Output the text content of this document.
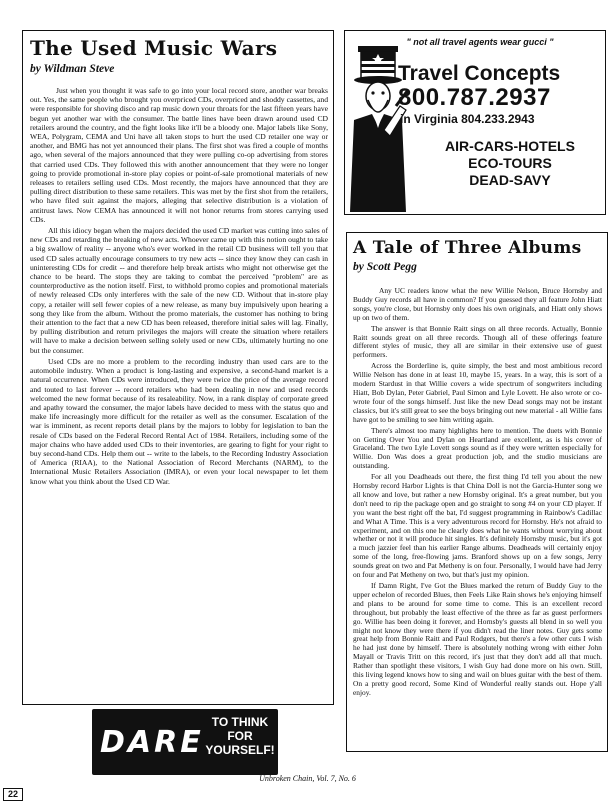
The Used Music Wars
by Wildman Steve

Just when you thought it was safe to go into your local record store, another war breaks out. Yes, the same people who brought you overpriced CDs, overpriced and shoddy cassettes, and were responsible for shoving disco and rap music down your throats for the last fifteen years have begun yet another war with the consumer. The battle lines have been drawn around used CD retailers around the country, and the fight looks like it'll be a bloody one. Major labels like Sony, WEA, Polygram, CEMA and Uni have all taken stops to hurt the used CD retailer one way or another, and BMG has not yet announced their plans. The first shot was fired a couple of months ago, when several of the majors announced that they were pulling co-op advertising from stores that carried used CDs. They followed this with another announcement that they were no longer going to provide promotional in-store play copies or point-of-sale promotional materials of new releases to retailers selling used CDs. Most recently, the majors have announced that they are pulling direct distribution to these same retailers. This was met by the first shot from the retailers, who have filed suit against the majors, alleging that selective distribution is a violation of antitrust laws. Now CEMA has announced it will not honor returns from stores carrying used CDs.

All this idiocy began when the majors decided the used CD market was cutting into sales of new CDs and retarding the breaking of new acts. Whoever came up with this notion ought to take a big swallow of reality -- anyone who's ever worked in the retail CD business will tell you that used CD sales actually encourage consumers to try new acts -- since they know they can cash in uninteresting CDs for credit -- and therefore help break artists who might not otherwise get the chance to be heard. The stops they are taking to combat the perceived "problem" are as counterproductive as the notion itself. First, to withhold promo copies and promotional materials of newly released CDs only interferes with the sale of the new CD. Without that in-store play copy, a retailer will sell fewer copies of a new release, as many buy impulsively upon hearing a song they like from the album. Without the promo materials, the customer has nothing to bring their attention to the fact that a new CD has been released, therefore initial sales will lag. Finally, by pulling distribution and return privileges the majors will create the situation where retailers will have to make a decision between selling solely used or new CDs, ultimately hurting no one but the consumer.

Used CDs are no more a problem to the recording industry than used cars are to the automobile industry. When a product is long-lasting and expensive, a second-hand market is a natural occurrence. When CDs were introduced, they were twice the price of the average record and touted to last forever -- record retailers who had been dealing in new and used records welcomed the new format because of its resaleability. Now, in a rank display of corporate greed and apathy toward the consumer, the major labels have decided to mess with the status quo and make life increasingly more difficult for the retailer as well as the consumer. Escalation of the war is imminent, as recent reports detail plans by the majors to lobby for legislation to ban the resale of CDs based on the Federal Record Rental Act of 1984. Retailers, including some of the major chains who have added used CDs to their inventories, are gearing to fight for your right to buy second-hand CDs. Help them out -- write to the labels, to the Recording Industry Association of America (RIAA), to the National Association of Record Merchants (NARM), to the International Music Retailers Association (IMRA), or even your local newspaper to let them know what you think about the Used CD War.

" not all travel agents wear gucci "
Travel Concepts
800.787.2937
in Virginia 804.233.2943
AIR-CARS-HOTELS
ECO-TOURS
DEAD-SAVY
A Tale of Three Albums
by Scott Pegg

Any UC readers know what the new Willie Nelson, Bruce Hornsby and Buddy Guy records all have in common? If you guessed they all feature John Hiatt songs, you're close, but Hornsby only does his own originals, and Hiatt only shows up on two of them.

The answer is that Bonnie Raitt sings on all three records. Actually, Bonnie Raitt sounds great on all three records. Though all of these offerings feature different styles of music, they all are similar in their extensive use of guest performers.

Across the Borderline is, quite simply, the best and most ambitious record Willie Nelson has done in at least 10, maybe 15, years. In a way, this is sort of a modern Stardust in that Willie covers a wide spectrum of songwriters including Hiatt, Bob Dylan, Peter Gabriel, Paul Simon and Lyle Lovett. He also wrote or co-wrote four of the songs himself. Just like the new Dead songs may not be instant classics, but it's still great to see the boys bringing out new material - all Willie fans have got to be smiling to see him writing again.

There's almost too many highlights here to mention. The duets with Bonnie on Getting Over You and Dylan on Heartland are excellent, as is his cover of Graceland. The two Lyle Lovett songs sound as if they were written especially for Willie. Don Was does a great production job, and the studio musicians are outstanding.

For all you Deadheads out there, the first thing I'd tell you about the new Hornsby record Harbor Lights is that China Doll is not the Garcia-Hunter song we all know and love, but rather a new Hornsby original. It's a great number, but you don't need to rip the package open and go straight to song #4 on your CD player. If you want the best right off the bat, I'd suggest programming in Rainbow's Cadillac and What A Time. This is a very adventurous record for Hornsby. He's not afraid to experiment, and on this one he clearly does what he wants without worrying about whether or not it will produce hit singles. It's definitely Hornsby music, but it's got a much jazzier feel than his earlier Range albums. Deadheads will certainly enjoy some of the long, free-flowing jams. Branford shows up on a few songs, Jerry sounds great on two and Pat Metheny is on four. Personally, I would have had Jerry on four and Pat Metheny on two, but that's just my opinion.

If Damn Right, I've Got the Blues marked the return of Buddy Guy to the upper echelon of recorded Blues, then Feels Like Rain shows he's enjoying himself and plans to be around for some time to come. This is an excellent record throughout, but probably the least effective of the three as far as guest performers go. Willie has been doing it forever, and Hornsby's guests all blend in so well you might not know they were there if you didn't read the liner notes. Guy gets some great help from Bonnie Raitt and Paul Rodgers, but there's a few other cuts I wish he had just done by himself. There is absolutely nothing wrong with either John Mayall or Travis Tritt on this record, it's just that they don't add all that much. Rather than spotlight these visitors, I wish Guy had done more on his own. Still, this living legend knows how to sing and wail on blues guitar with the best of them. On a pretty good record, Some Kind of Wonderful really stands out. Hope y'all enjoy.

DARE
TO THINK
FOR
YOURSELF!
Unbroken Chain, Vol. 7, No. 6
22
